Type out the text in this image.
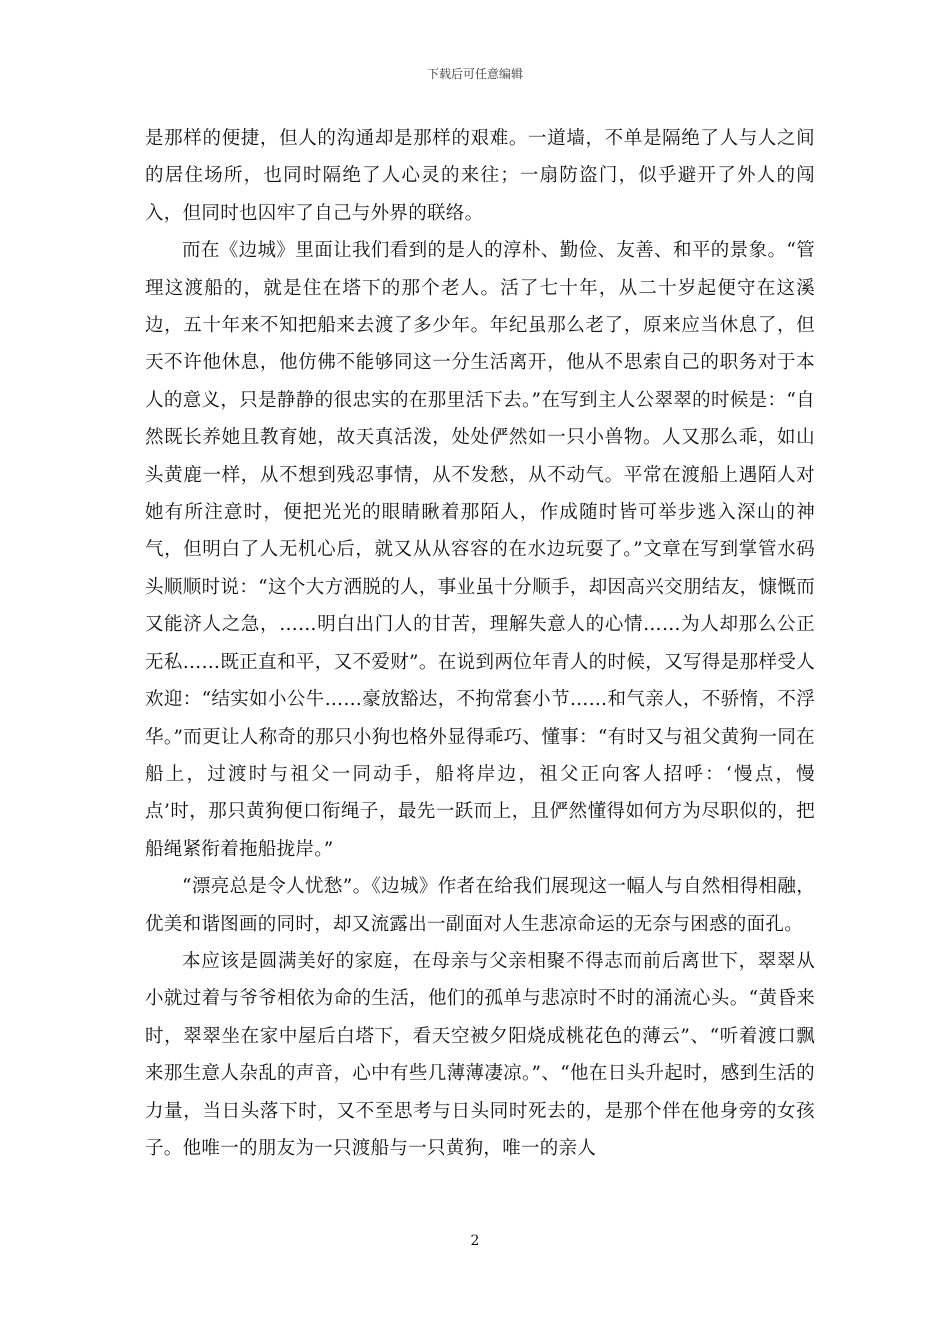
下载后可任意编辑

是那样的便捷，但人的沟通却是那样的艰难。一道墙，不单是隔绝了人与人之间的居住场所，也同时隔绝了人心灵的来往；一扇防盗门，似乎避开了外人的闯入，但同时也囚牢了自己与外界的联络。

而在《边城》里面让我们看到的是人的淳朴、勤俭、友善、和平的景象。“管理这渡船的，就是住在塔下的那个老人。活了七十年，从二十岁起便守在这溪边，五十年来不知把船来去渡了多少年。年纪虽那么老了，原来应当休息了，但天不许他休息，他仿佛不能够同这一分生活离开，他从不思索自己的职务对于本人的意义，只是静静的很忠实的在那里活下去。”在写到主人公翠翠的时候是：“自然既长养她且教育她，故天真活泼，处处俨然如一只小兽物。人又那么乖，如山头黄鹿一样，从不想到残忍事情，从不发愁，从不动气。平常在渡船上遇陌人对她有所注意时，便把光光的眼睛瞅着那陌人，作成随时皆可举步逃入深山的神气，但明白了人无机心后，就又从从容容的在水边玩耍了。”文章在写到掌管水码头顺顺时说：“这个大方洒脱的人，事业虽十分顺手，却因高兴交朋结友，慷慨而又能济人之急，……明白出门人的甘苦，理解失意人的心情……为人却那么公正无私……既正直和平，又不爱财”。在说到两位年青人的时候，又写得是那样受人欢迎：“结实如小公牛……豪放豁达，不拘常套小节……和气亲人，不骄惰，不浮华。”而更让人称奇的那只小狗也格外显得乖巧、懂事：“有时又与祖父黄狗一同在船上，过渡时与祖父一同动手，船将岸边，祖父正向客人招呼：‘慢点，慢点’时，那只黄狗便口衔绳子，最先一跃而上，且俨然懂得如何方为尽职似的，把船绳紧衔着拖船拢岸。”

“漂亮总是令人忧愁”。《边城》作者在给我们展现这一幅人与自然相得相融，优美和谐图画的同时，却又流露出一副面对人生悲凉命运的无奈与困惑的面孔。

本应该是圆满美好的家庭，在母亲与父亲相聚不得志而前后离世下，翠翠从小就过着与爷爷相依为命的生活，他们的孤单与悲凉时不时的涌流心头。“黄昏来时，翠翠坐在家中屋后白塔下，看天空被夕阳烧成桃花色的薄云”、“听着渡口飘来那生意人杂乱的声音，心中有些几薄薄凄凉。”、“他在日头升起时，感到生活的力量，当日头落下时，又不至思考与日头同时死去的，是那个伴在他身旁的女孩子。他唯一的朋友为一只渡船与一只黄狗，唯一的亲人

2
